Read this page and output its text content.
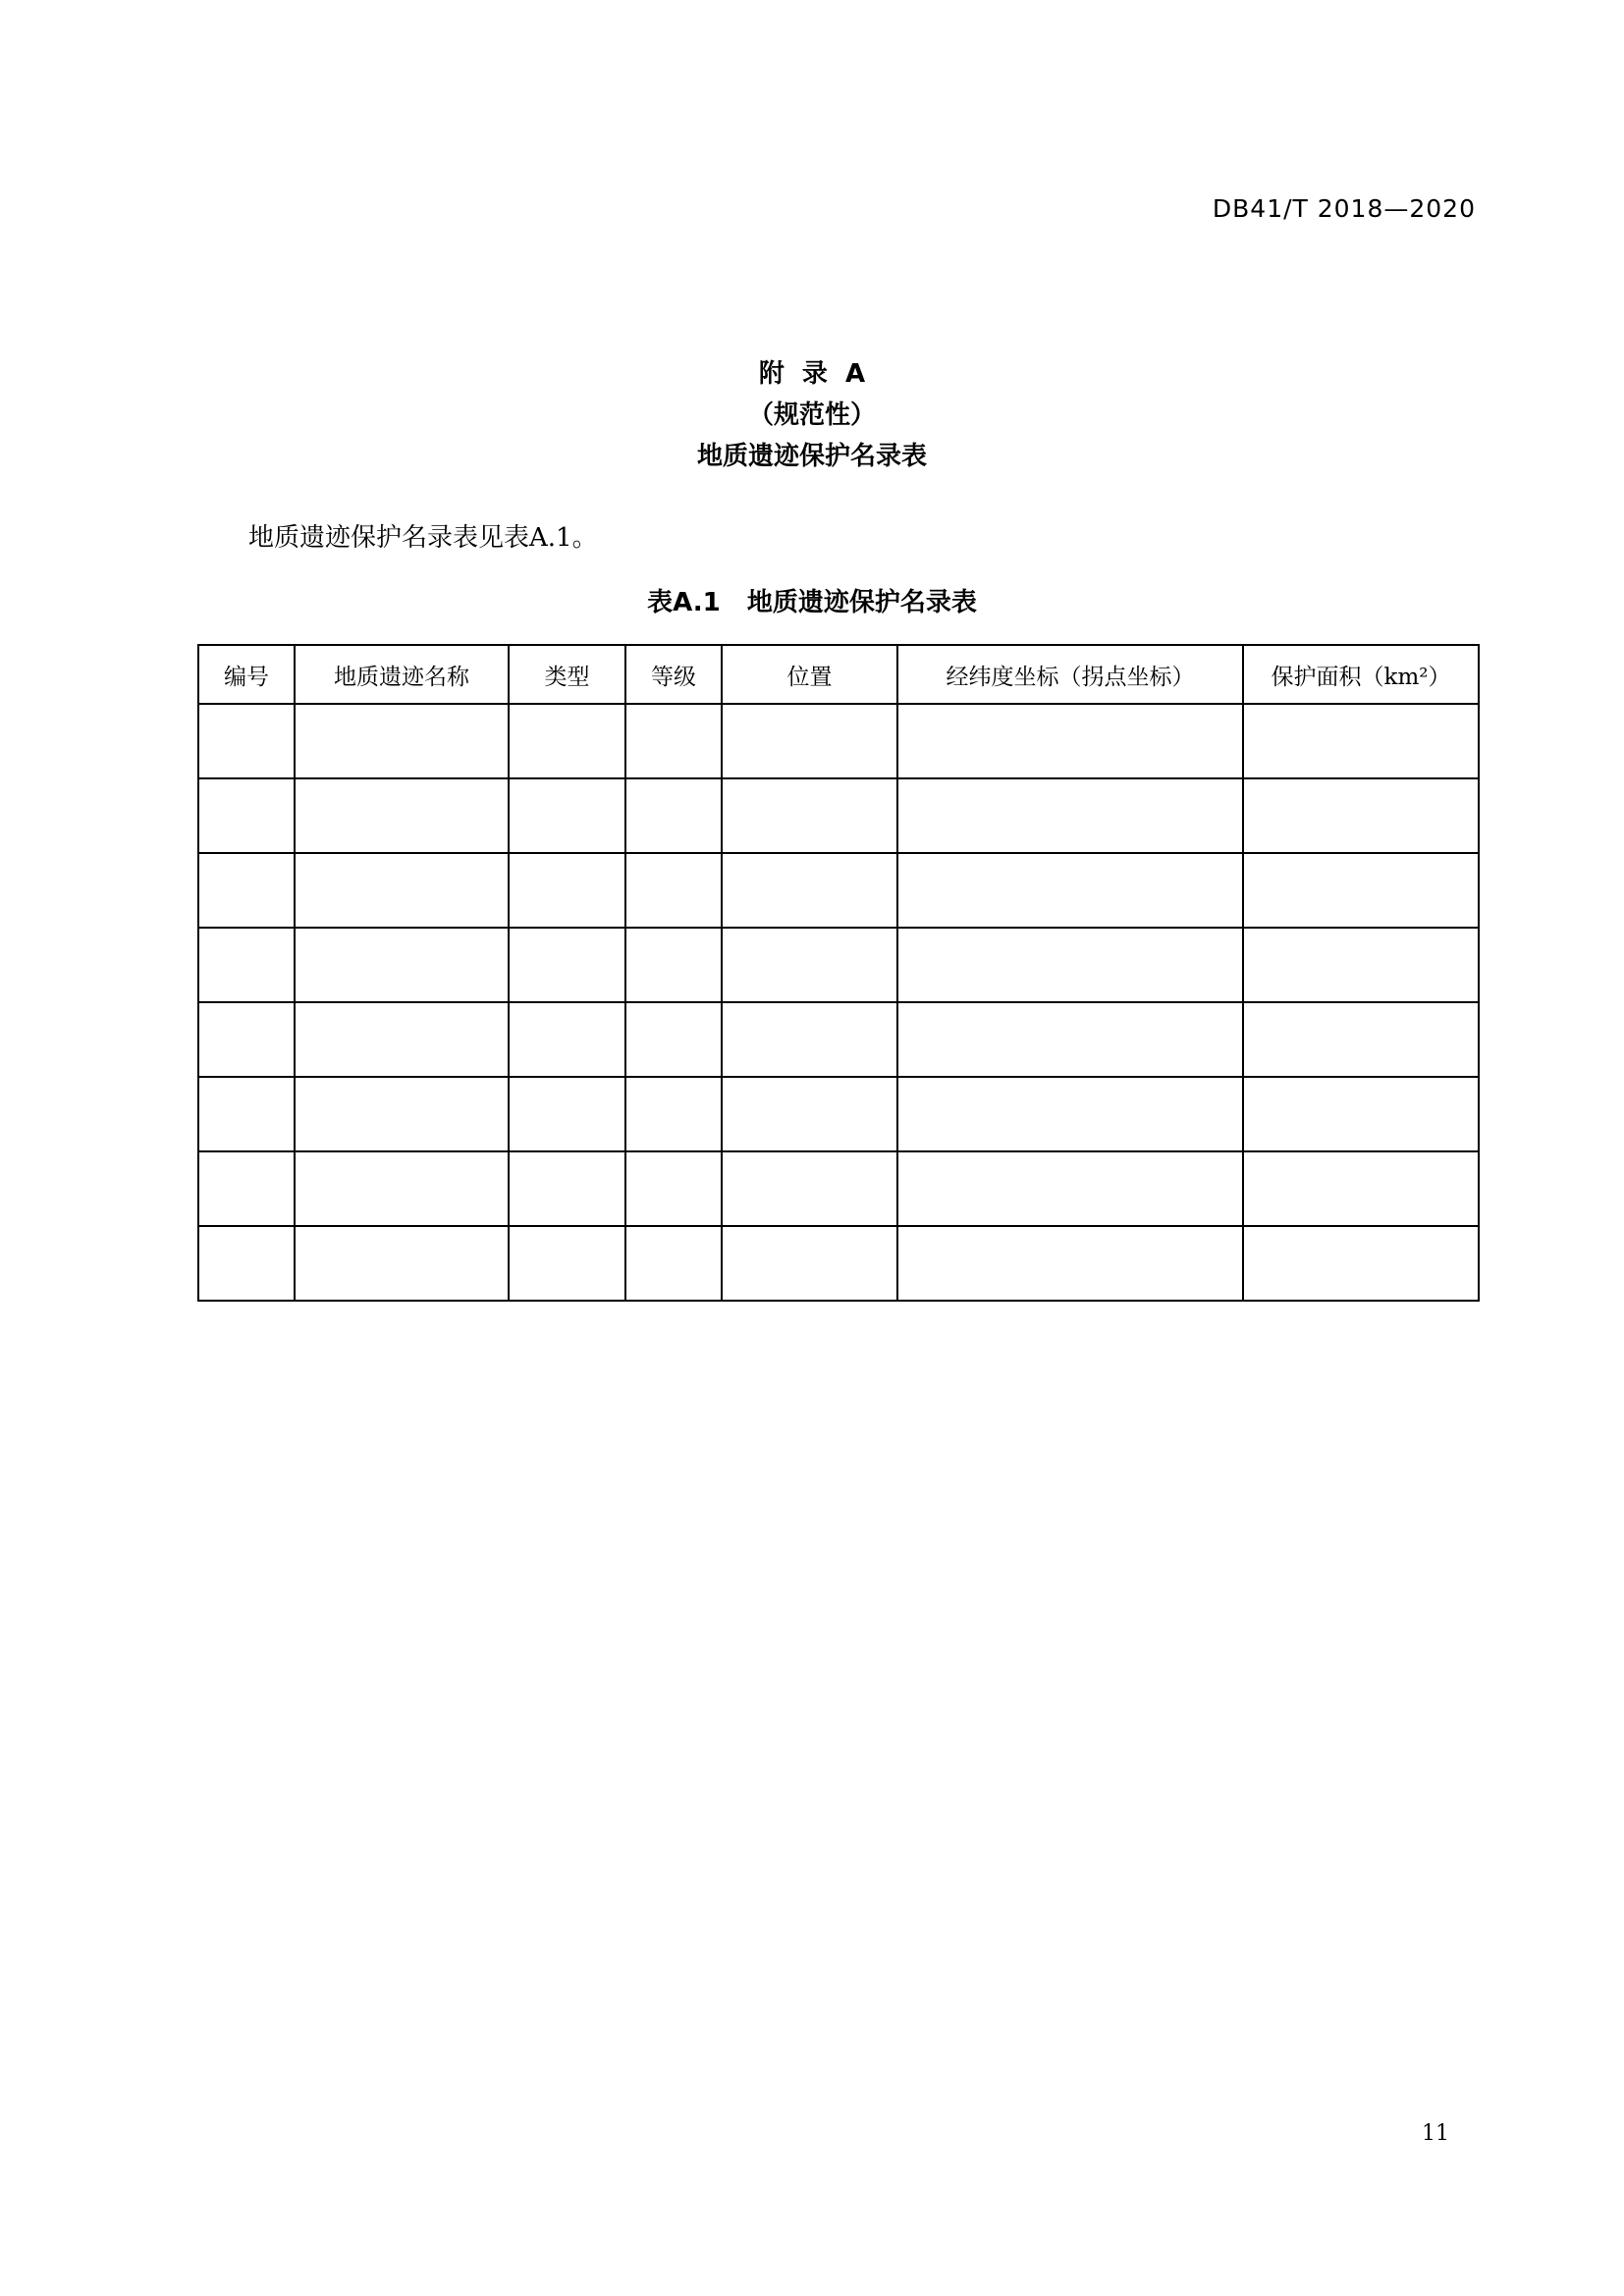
DB41/T 2018—2020
附  录  A
（规范性）
地质遗迹保护名录表
地质遗迹保护名录表见表A.1。
表A.1   地质遗迹保护名录表
编号	地质遗迹名称	类型	等级	位置	经纬度坐标（拐点坐标）	保护面积（km²）

11
